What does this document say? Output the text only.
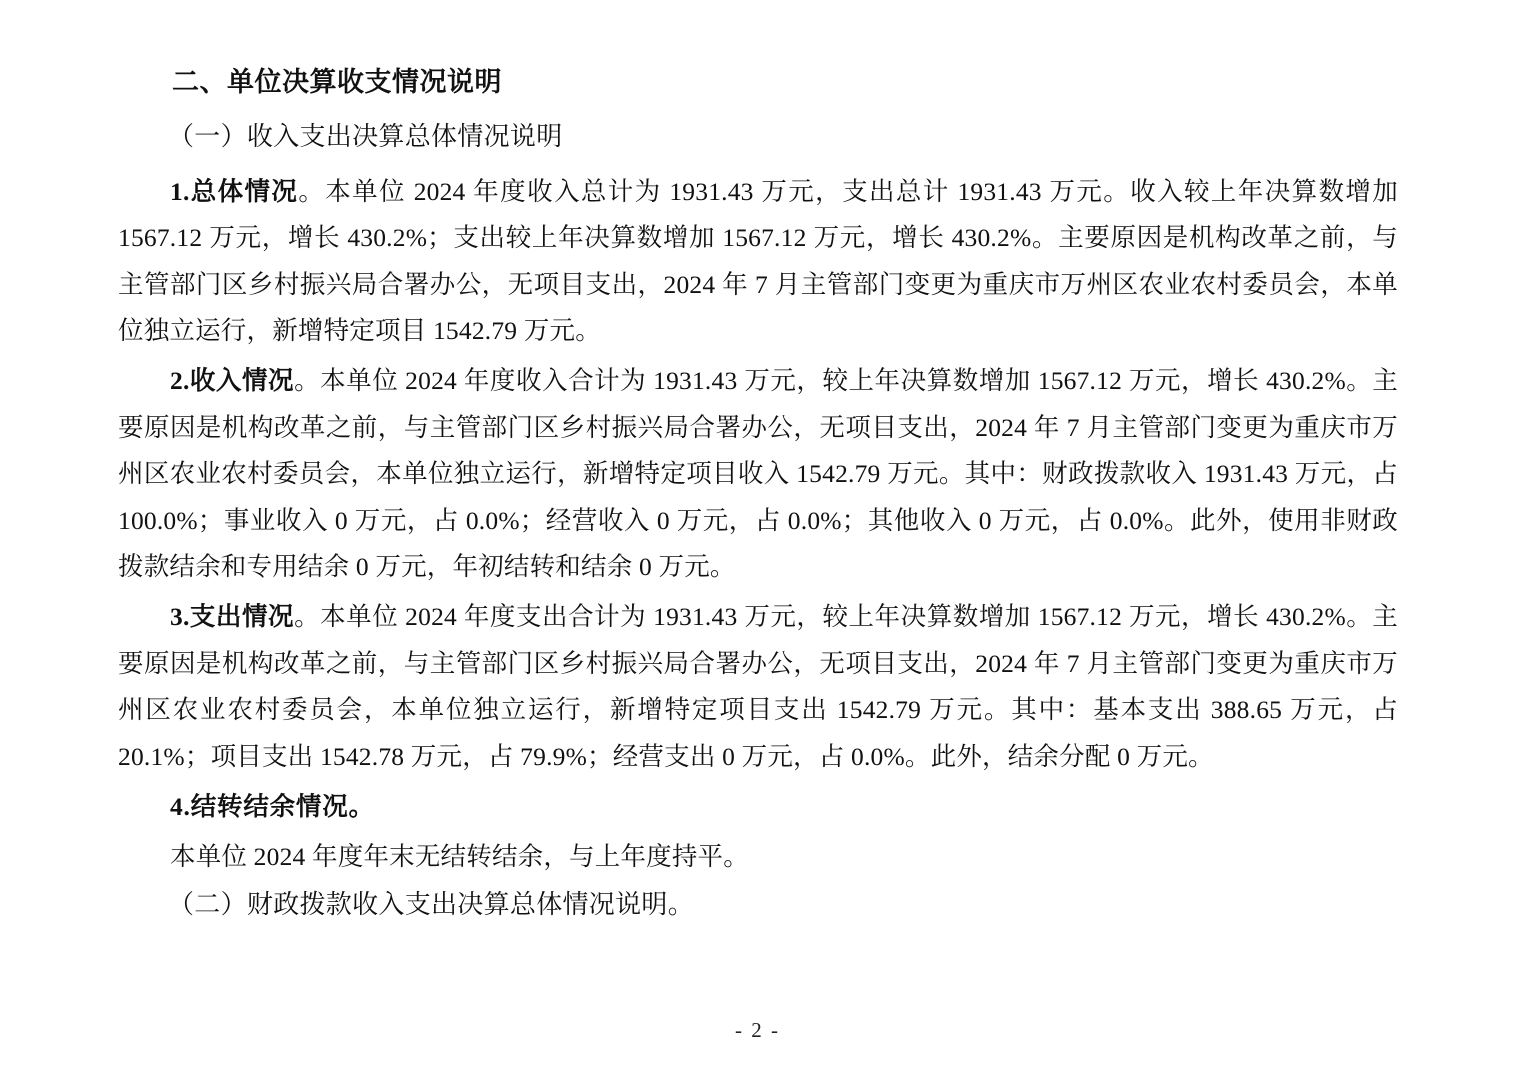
二、单位决算收支情况说明

（一）收入支出决算总体情况说明

1.总体情况。本单位 2024 年度收入总计为 1931.43 万元，支出总计 1931.43 万元。收入较上年决算数增加 1567.12 万元，增长 430.2%；支出较上年决算数增加 1567.12 万元，增长 430.2%。主要原因是机构改革之前，与主管部门区乡村振兴局合署办公，无项目支出，2024 年 7 月主管部门变更为重庆市万州区农业农村委员会，本单位独立运行，新增特定项目 1542.79 万元。

2.收入情况。本单位 2024 年度收入合计为 1931.43 万元，较上年决算数增加 1567.12 万元，增长 430.2%。主要原因是机构改革之前，与主管部门区乡村振兴局合署办公，无项目支出，2024 年 7 月主管部门变更为重庆市万州区农业农村委员会，本单位独立运行，新增特定项目收入 1542.79 万元。其中：财政拨款收入 1931.43 万元，占 100.0%；事业收入 0 万元，占 0.0%；经营收入 0 万元，占 0.0%；其他收入 0 万元，占 0.0%。此外，使用非财政拨款结余和专用结余 0 万元，年初结转和结余 0 万元。

3.支出情况。本单位 2024 年度支出合计为 1931.43 万元，较上年决算数增加 1567.12 万元，增长 430.2%。主要原因是机构改革之前，与主管部门区乡村振兴局合署办公，无项目支出，2024 年 7 月主管部门变更为重庆市万州区农业农村委员会，本单位独立运行，新增特定项目支出 1542.79 万元。其中：基本支出 388.65 万元，占 20.1%；项目支出 1542.78 万元，占 79.9%；经营支出 0 万元，占 0.0%。此外，结余分配 0 万元。

4.结转结余情况。

本单位 2024 年度年末无结转结余，与上年度持平。

（二）财政拨款收入支出决算总体情况说明。

- 2 -
